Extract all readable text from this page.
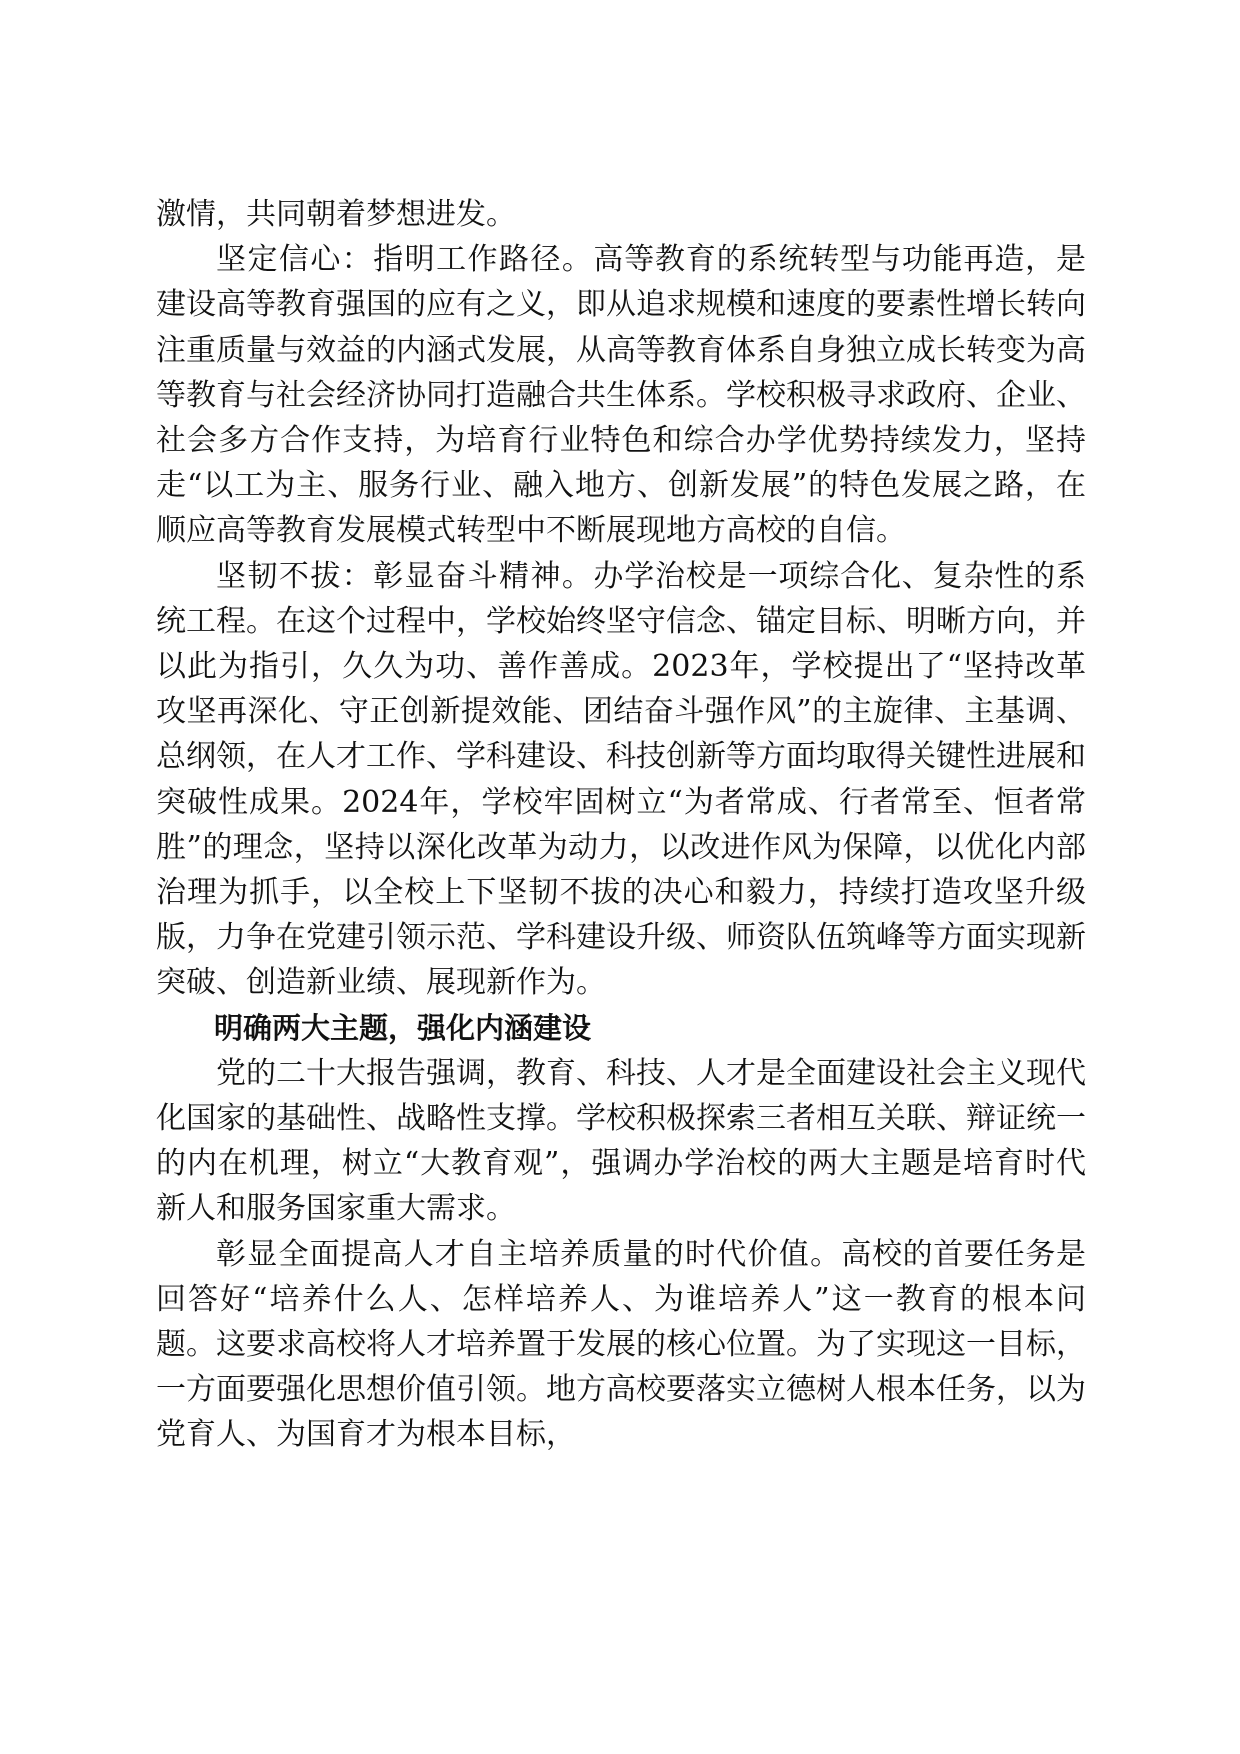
激情，共同朝着梦想进发。

坚定信心：指明工作路径。高等教育的系统转型与功能再造，是建设高等教育强国的应有之义，即从追求规模和速度的要素性增长转向注重质量与效益的内涵式发展，从高等教育体系自身独立成长转变为高等教育与社会经济协同打造融合共生体系。学校积极寻求政府、企业、社会多方合作支持，为培育行业特色和综合办学优势持续发力，坚持走“以工为主、服务行业、融入地方、创新发展”的特色发展之路，在顺应高等教育发展模式转型中不断展现地方高校的自信。

坚韧不拔：彰显奋斗精神。办学治校是一项综合化、复杂性的系统工程。在这个过程中，学校始终坚守信念、锚定目标、明晰方向，并以此为指引，久久为功、善作善成。2023年，学校提出了“坚持改革攻坚再深化、守正创新提效能、团结奋斗强作风”的主旋律、主基调、总纲领，在人才工作、学科建设、科技创新等方面均取得关键性进展和突破性成果。2024年，学校牢固树立“为者常成、行者常至、恒者常胜”的理念，坚持以深化改革为动力，以改进作风为保障，以优化内部治理为抓手，以全校上下坚韧不拔的决心和毅力，持续打造攻坚升级版，力争在党建引领示范、学科建设升级、师资队伍筑峰等方面实现新突破、创造新业绩、展现新作为。

明确两大主题，强化内涵建设

党的二十大报告强调，教育、科技、人才是全面建设社会主义现代化国家的基础性、战略性支撑。学校积极探索三者相互关联、辩证统一的内在机理，树立“大教育观”，强调办学治校的两大主题是培育时代新人和服务国家重大需求。

彰显全面提高人才自主培养质量的时代价值。高校的首要任务是回答好“培养什么人、怎样培养人、为谁培养人”这一教育的根本问题。这要求高校将人才培养置于发展的核心位置。为了实现这一目标，一方面要强化思想价值引领。地方高校要落实立德树人根本任务，以为党育人、为国育才为根本目标，
